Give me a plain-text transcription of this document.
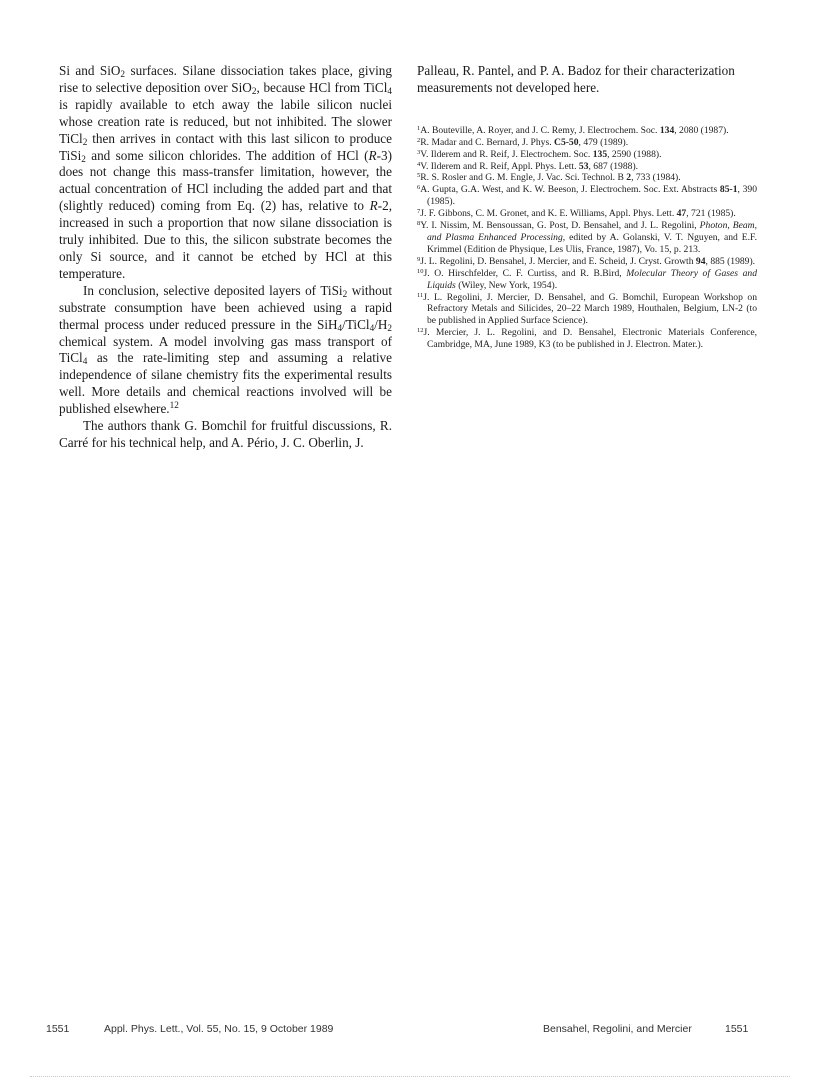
Si and SiO$_2$ surfaces. Silane dissociation takes place, giving rise to selective deposition over SiO$_2$, because HCl from TiCl$_4$ is rapidly available to etch away the labile silicon nuclei whose creation rate is reduced, but not inhibited. The slower TiCl$_2$ then arrives in contact with this last silicon to produce TiSi$_2$ and some silicon chlorides. The addition of HCl (R-3) does not change this mass-transfer limitation, however, the actual concentration of HCl including the added part and that (slightly reduced) coming from Eq. (2) has, relative to R-2, increased in such a proportion that now silane dissociation is truly inhibited. Due to this, the silicon substrate becomes the only Si source, and it cannot be etched by HCl at this temperature.

In conclusion, selective deposited layers of TiSi$_2$ without substrate consumption have been achieved using a rapid thermal process under reduced pressure in the $SiH_4/TiCl_4/H_2$ chemical system. A model involving gas mass transport of TiCl$_4$ as the rate-limiting step and assuming a relative independence of silane chemistry fits the experimental results well. More details and chemical reactions involved will be published elsewhere.$^{12}$

The authors thank G. Bomchil for fruitful discussions, R. Carré for his technical help, and A. Pério, J. C. Oberlin, J.

Palleau, R. Pantel, and P. A. Badoz for their characterization measurements not developed here.

$^1$A. Bouteville, A. Royer, and J. C. Remy, J. Electrochem. Soc. 134, 2080 (1987).
$^2$R. Madar and C. Bernard, J. Phys. C5-50, 479 (1989).
$^3$V. Ilderem and R. Reif, J. Electrochem. Soc. 135, 2590 (1988).
$^4$V. Ilderem and R. Reif, Appl. Phys. Lett. 53, 687 (1988).
$^5$R. S. Rosler and G. M. Engle, J. Vac. Sci. Technol. B 2, 733 (1984).
$^6$A. Gupta, G.A. West, and K. W. Beeson, J. Electrochem. Soc. Ext. Abstracts 85-1, 390 (1985).
$^7$J. F. Gibbons, C. M. Gronet, and K. E. Williams, Appl. Phys. Lett. 47, 721 (1985).
$^8$Y. I. Nissim, M. Bensoussan, G. Post, D. Bensahel, and J. L. Regolini, Photon, Beam, and Plasma Enhanced Processing, edited by A. Golanski, V. T. Nguyen, and E.F. Krimmel (Edition de Physique, Les Ulis, France, 1987), Vo. 15, p. 213.
$^9$J. L. Regolini, D. Bensahel, J. Mercier, and E. Scheid, J. Cryst. Growth 94, 885 (1989).
$^{10}$J. O. Hirschfelder, C. F. Curtiss, and R. B.Bird, Molecular Theory of Gases and Liquids (Wiley, New York, 1954).
$^{11}$J. L. Regolini, J. Mercier, D. Bensahel, and G. Bomchil, European Workshop on Refractory Metals and Silicides, 20–22 March 1989, Houthalen, Belgium, LN-2 (to be published in Applied Surface Science).
$^{12}$J. Mercier, J. L. Regolini, and D. Bensahel, Electronic Materials Conference, Cambridge, MA, June 1989, K3 (to be published in J. Electron. Mater.).
1551	Appl. Phys. Lett., Vol. 55, No. 15, 9 October 1989	Bensahel, Regolini, and Mercier	1551
